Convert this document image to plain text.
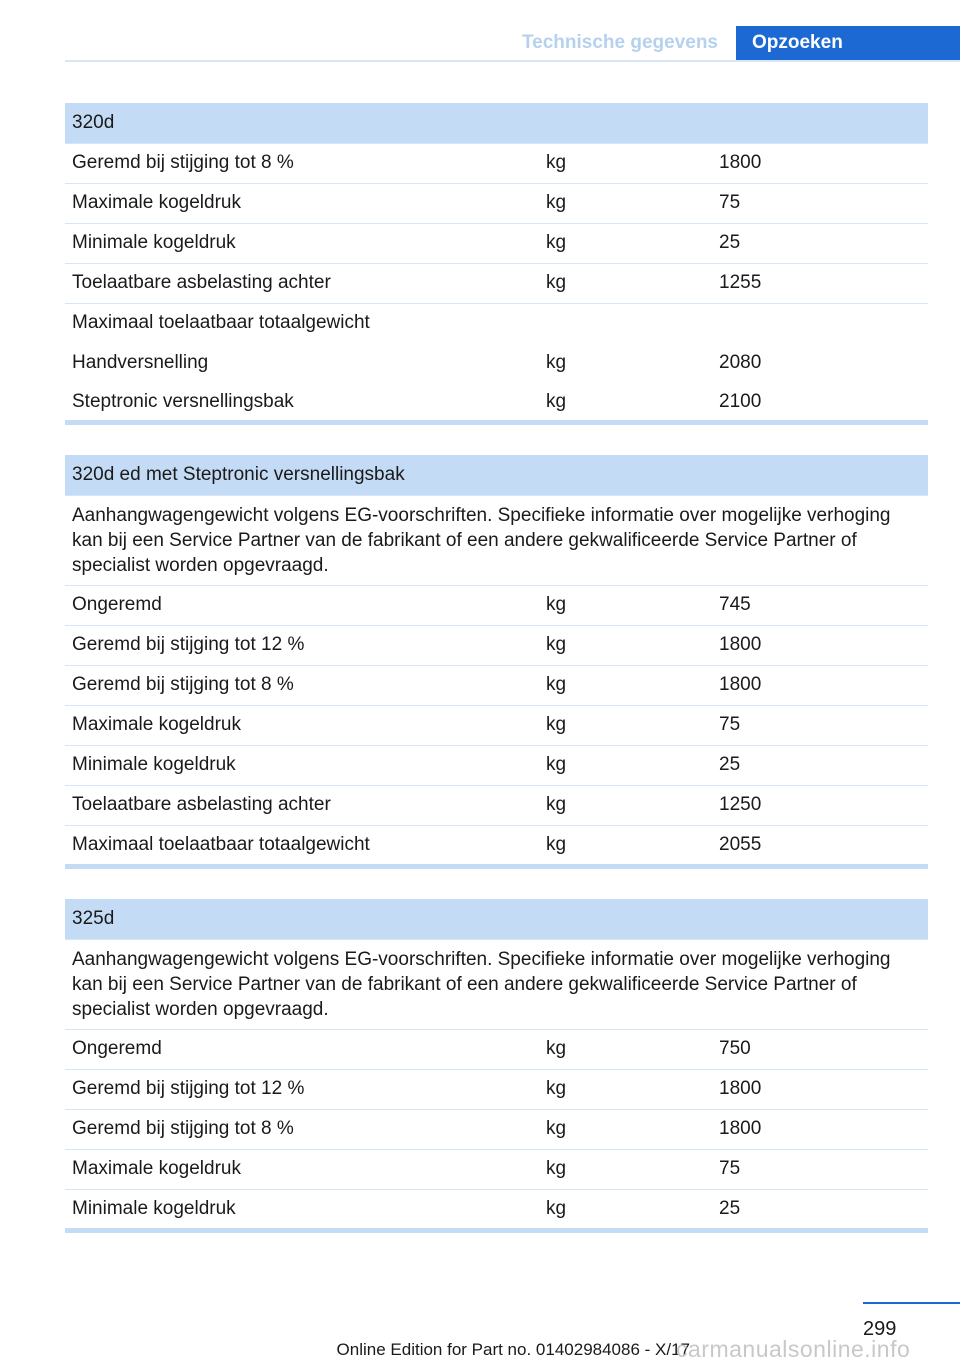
Technische gegevens	Opzoeken
320d		
Geremd bij stijging tot 8 %	kg	1800
Maximale kogeldruk	kg	75
Minimale kogeldruk	kg	25
Toelaatbare asbelasting achter	kg	1255
Maximaal toelaatbaar totaalgewicht		
Handversnelling	kg	2080
Steptronic versnellingsbak	kg	2100
320d ed met Steptronic versnellingsbak		
Aanhangwagengewicht volgens EG-voorschriften. Specifieke informatie over mogelijke verhoging kan bij een Service Partner van de fabrikant of een andere gekwalificeerde Service Partner of specialist worden opgevraagd.		
Ongeremd	kg	745
Geremd bij stijging tot 12 %	kg	1800
Geremd bij stijging tot 8 %	kg	1800
Maximale kogeldruk	kg	75
Minimale kogeldruk	kg	25
Toelaatbare asbelasting achter	kg	1250
Maximaal toelaatbaar totaalgewicht	kg	2055
325d		
Aanhangwagengewicht volgens EG-voorschriften. Specifieke informatie over mogelijke verhoging kan bij een Service Partner van de fabrikant of een andere gekwalificeerde Service Partner of specialist worden opgevraagd.		
Ongeremd	kg	750
Geremd bij stijging tot 12 %	kg	1800
Geremd bij stijging tot 8 %	kg	1800
Maximale kogeldruk	kg	75
Minimale kogeldruk	kg	25
299
Online Edition for Part no. 01402984086 - X/17
carmanualsonline.info
